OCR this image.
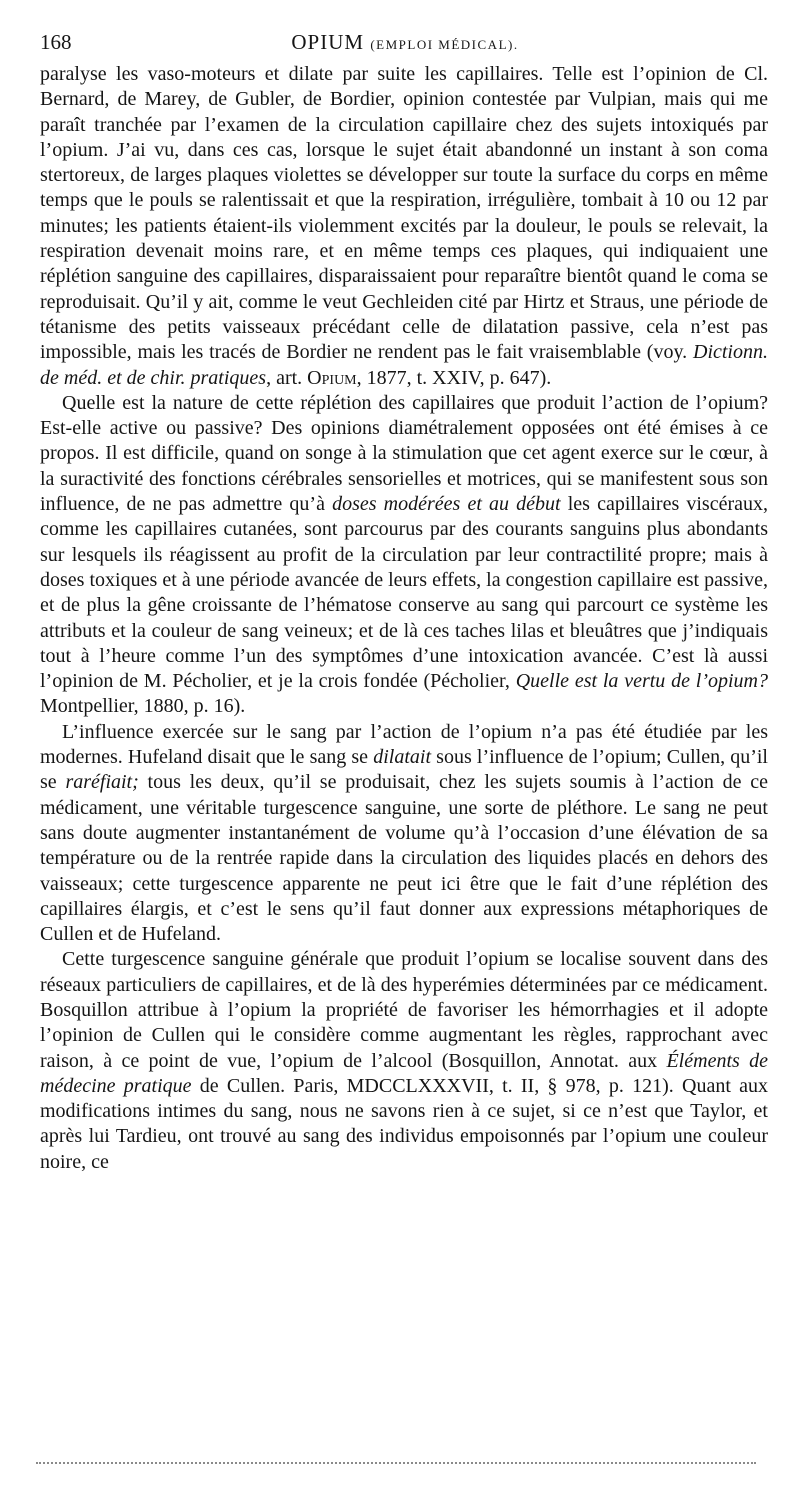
168	OPIUM (EMPLOI MÉDICAL).

paralyse les vaso-moteurs et dilate par suite les capillaires. Telle est l’opinion de Cl. Bernard, de Marey, de Gubler, de Bordier, opinion contestée par Vulpian, mais qui me paraît tranchée par l’examen de la circulation capillaire chez des sujets intoxiqués par l’opium. J’ai vu, dans ces cas, lorsque le sujet était abandonné un instant à son coma stertoreux, de larges plaques violettes se développer sur toute la surface du corps en même temps que le pouls se ralentissait et que la respiration, irrégulière, tombait à 10 ou 12 par minutes; les patients étaient-ils violemment excités par la douleur, le pouls se relevait, la respiration devenait moins rare, et en même temps ces plaques, qui indiquaient une réplétion sanguine des capillaires, disparaissaient pour reparaître bientôt quand le coma se reproduisait. Qu’il y ait, comme le veut Gechleiden cité par Hirtz et Straus, une période de tétanisme des petits vaisseaux précédant celle de dilatation passive, cela n’est pas impossible, mais les tracés de Bordier ne rendent pas le fait vraisemblable (voy. Dictionn. de méd. et de chir. pratiques, art. Opium, 1877, t. XXIV, p. 647).

Quelle est la nature de cette réplétion des capillaires que produit l’action de l’opium? Est-elle active ou passive? Des opinions diamétralement opposées ont été émises à ce propos. Il est difficile, quand on songe à la stimulation que cet agent exerce sur le cœur, à la suractivité des fonctions cérébrales sensorielles et motrices, qui se manifestent sous son influence, de ne pas admettre qu’à doses modérées et au début les capillaires viscéraux, comme les capillaires cutanées, sont parcourus par des courants sanguins plus abondants sur lesquels ils réagissent au profit de la circulation par leur contractilité propre; mais à doses toxiques et à une période avancée de leurs effets, la congestion capillaire est passive, et de plus la gêne croissante de l’hématose conserve au sang qui parcourt ce système les attributs et la couleur de sang veineux; et de là ces taches lilas et bleuâtres que j’indiquais tout à l’heure comme l’un des symptômes d’une intoxication avancée. C’est là aussi l’opinion de M. Pécholier, et je la crois fondée (Pécholier, Quelle est la vertu de l’opium? Montpellier, 1880, p. 16).

L’influence exercée sur le sang par l’action de l’opium n’a pas été étudiée par les modernes. Hufeland disait que le sang se dilatait sous l’influence de l’opium; Cullen, qu’il se raréfiait; tous les deux, qu’il se produisait, chez les sujets soumis à l’action de ce médicament, une véritable turgescence sanguine, une sorte de pléthore. Le sang ne peut sans doute augmenter instantanément de volume qu’à l’occasion d’une élévation de sa température ou de la rentrée rapide dans la circulation des liquides placés en dehors des vaisseaux; cette turgescence apparente ne peut ici être que le fait d’une réplétion des capillaires élargis, et c’est le sens qu’il faut donner aux expressions métaphoriques de Cullen et de Hufeland.

Cette turgescence sanguine générale que produit l’opium se localise souvent dans des réseaux particuliers de capillaires, et de là des hyperémies déterminées par ce médicament. Bosquillon attribue à l’opium la propriété de favoriser les hémorrhagies et il adopte l’opinion de Cullen qui le considère comme augmentant les règles, rapprochant avec raison, à ce point de vue, l’opium de l’alcool (Bosquillon, Annotat. aux Éléments de médecine pratique de Cullen. Paris, MDCCLXXXVII, t. II, § 978, p. 121). Quant aux modifications intimes du sang, nous ne savons rien à ce sujet, si ce n’est que Taylor, et après lui Tardieu, ont trouvé au sang des individus empoisonnés par l’opium une couleur noire, ce
